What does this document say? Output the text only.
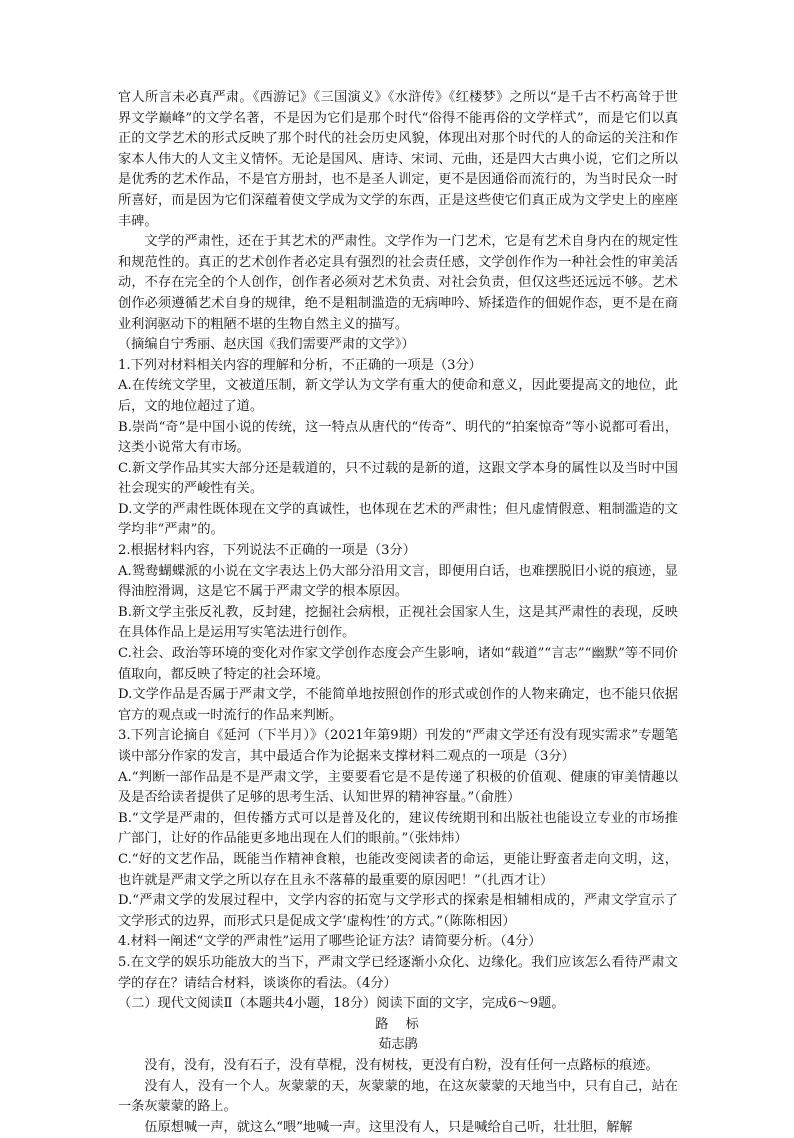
官人所言未必真严肃。《西游记》《三国演义》《水浒传》《红楼梦》之所以“是千古不朽高耸于世界文学巅峰”的文学名著，不是因为它们是那个时代“俗得不能再俗的文学样式”，而是它们以真正的文学艺术的形式反映了那个时代的社会历史风貌，体现出对那个时代的人的命运的关注和作家本人伟大的人文主义情怀。无论是国风、唐诗、宋词、元曲，还是四大古典小说，它们之所以是优秀的艺术作品，不是官方册封，也不是圣人训定，更不是因通俗而流行的，为当时民众一时所喜好，而是因为它们深蕴着使文学成为文学的东西，正是这些使它们真正成为文学史上的座座丰碑。

文学的严肃性，还在于其艺术的严肃性。文学作为一门艺术，它是有艺术自身内在的规定性和规范性的。真正的艺术创作者必定具有强烈的社会责任感，文学创作作为一种社会性的审美活动，不存在完全的个人创作，创作者必须对艺术负责、对社会负责，但仅这些还远远不够。艺术创作必须遵循艺术自身的规律，绝不是粗制滥造的无病呻吟、矫揉造作的佃妮作态，更不是在商业利润驱动下的粗陋不堪的生物自然主义的描写。

（摘编自宁秀丽、赵庆国《我们需要严肃的文学》）

1.下列对材料相关内容的理解和分析，不正确的一项是（3分）

A.在传统文学里，文被道压制，新文学认为文学有重大的使命和意义，因此要提高文的地位，此后，文的地位超过了道。

B.崇尚“奇”是中国小说的传统，这一特点从唐代的“传奇”、明代的“拍案惊奇”等小说都可看出，这类小说常大有市场。

C.新文学作品其实大部分还是载道的，只不过载的是新的道，这跟文学本身的属性以及当时中国社会现实的严峻性有关。

D.文学的严肃性既体现在文学的真诚性，也体现在艺术的严肃性；但凡虚情假意、粗制滥造的文学均非“严肃”的。

2.根据材料内容，下列说法不正确的一项是（3分）

A.鸳鸯蝴蝶派的小说在文字表达上仍大部分沿用文言，即便用白话，也难摆脱旧小说的痕迹，显得油腔滑调，这是它不属于严肃文学的根本原因。

B.新文学主张反礼教，反封建，挖掘社会病根，正视社会国家人生，这是其严肃性的表现，反映在具体作品上是运用写实笔法进行创作。

C.社会、政治等环境的变化对作家文学创作态度会产生影响，诸如“载道”“言志”“幽默”等不同价值取向，都反映了特定的社会环境。

D.文学作品是否属于严肃文学，不能简单地按照创作的形式或创作的人物来确定，也不能只依据官方的观点或一时流行的作品来判断。

3.下列言论摘自《延河（下半月）》（2021年第9期）刊发的“严肃文学还有没有现实需求”专题笔谈中部分作家的发言，其中最适合作为论据来支撑材料二观点的一项是（3分）

A.“判断一部作品是不是严肃文学，主要要看它是不是传递了积极的价值观、健康的审美情趣以及是否给读者提供了足够的思考生活、认知世界的精神容量。”（俞胜）

B.“文学是严肃的，但传播方式可以是普及化的，建议传统期刊和出版社也能设立专业的市场推广部门，让好的作品能更多地出现在人们的眼前。”（张炜炜）

C.“好的文艺作品，既能当作精神食粮，也能改变阅读者的命运，更能让野蛮者走向文明，这，也许就是严肃文学之所以存在且永不落幕的最重要的原因吧！”（扎西才让）

D.“严肃文学的发展过程中，文学内容的拓宽与文学形式的探索是相辅相成的，严肃文学宣示了文学形式的边界，而形式只是促成文学‘虚构性’的方式。”（陈陈相因）

4.材料一阐述“文学的严肃性”运用了哪些论证方法？请简要分析。（4分）

5.在文学的娱乐功能放大的当下，严肃文学已经逐渐小众化、边缘化。我们应该怎么看待严肃文学的存在？请结合材料，谈谈你的看法。（4分）

（二）现代文阅读Ⅱ（本题共4小题，18分）阅读下面的文字，完成6～9题。

路　标

茹志鹃

没有，没有，没有石子，没有草棍，没有树枝，更没有白粉，没有任何一点路标的痕迹。

没有人，没有一个人。灰蒙蒙的天，灰蒙蒙的地，在这灰蒙蒙的天地当中，只有自己，站在一条灰蒙蒙的路上。

伍原想喊一声，就这么“喂”地喊一声。这里没有人，只是喊给自己听，壮壮胆，解解
